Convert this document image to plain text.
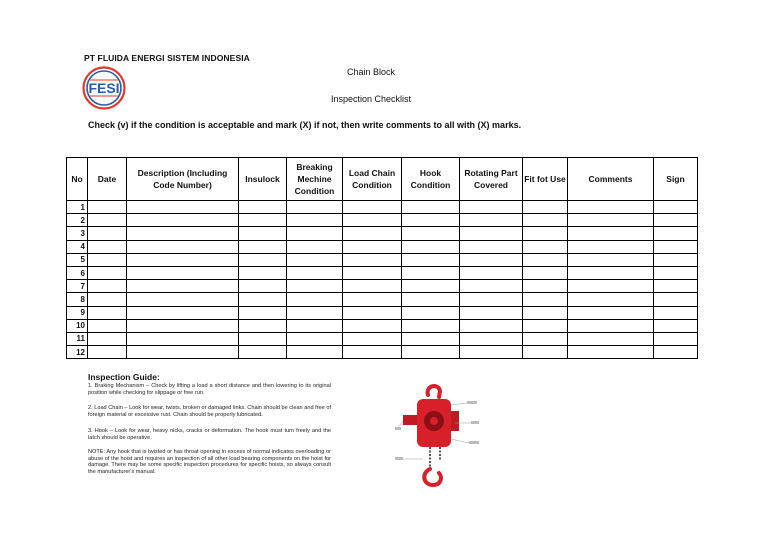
PT FLUIDA ENERGI SISTEM INDONESIA
FESI
Chain Block
Inspection Checklist
Check (v) if the condition is acceptable and mark (X) if not, then write comments to all with (X) marks.
No	Date	Description (Including Code Number)	Insulock	Breaking Mechine Condition	Load Chain Condition	Hook Condition	Rotating Part Covered	Fit fot Use	Comments	Sign
1										
2										
3										
4										
5										
6										
7										
8										
9										
10										
11										
12										
Inspection Guide:
1. Braking Mechanism – Check by lifting a load a short distance and then lowering to its original position while checking for slippage or free run.
2. Load Chain – Look for wear, twists, broken or damaged links. Chain should be clean and free of foreign material or excessive rust. Chain should be properly lubricated.
3. Hook – Look for wear, heavy nicks, cracks or deformation. The hook must turn freely and the latch should be operative.
NOTE: Any hook that is twisted or has throat opening in excess of normal indicates overloading or abuse of the hoist and requires an inspection of all other load bearing components on the hoist for damage. There may be some specific inspection procedures for specific hoists, so always consult the manufacturer's manual.
